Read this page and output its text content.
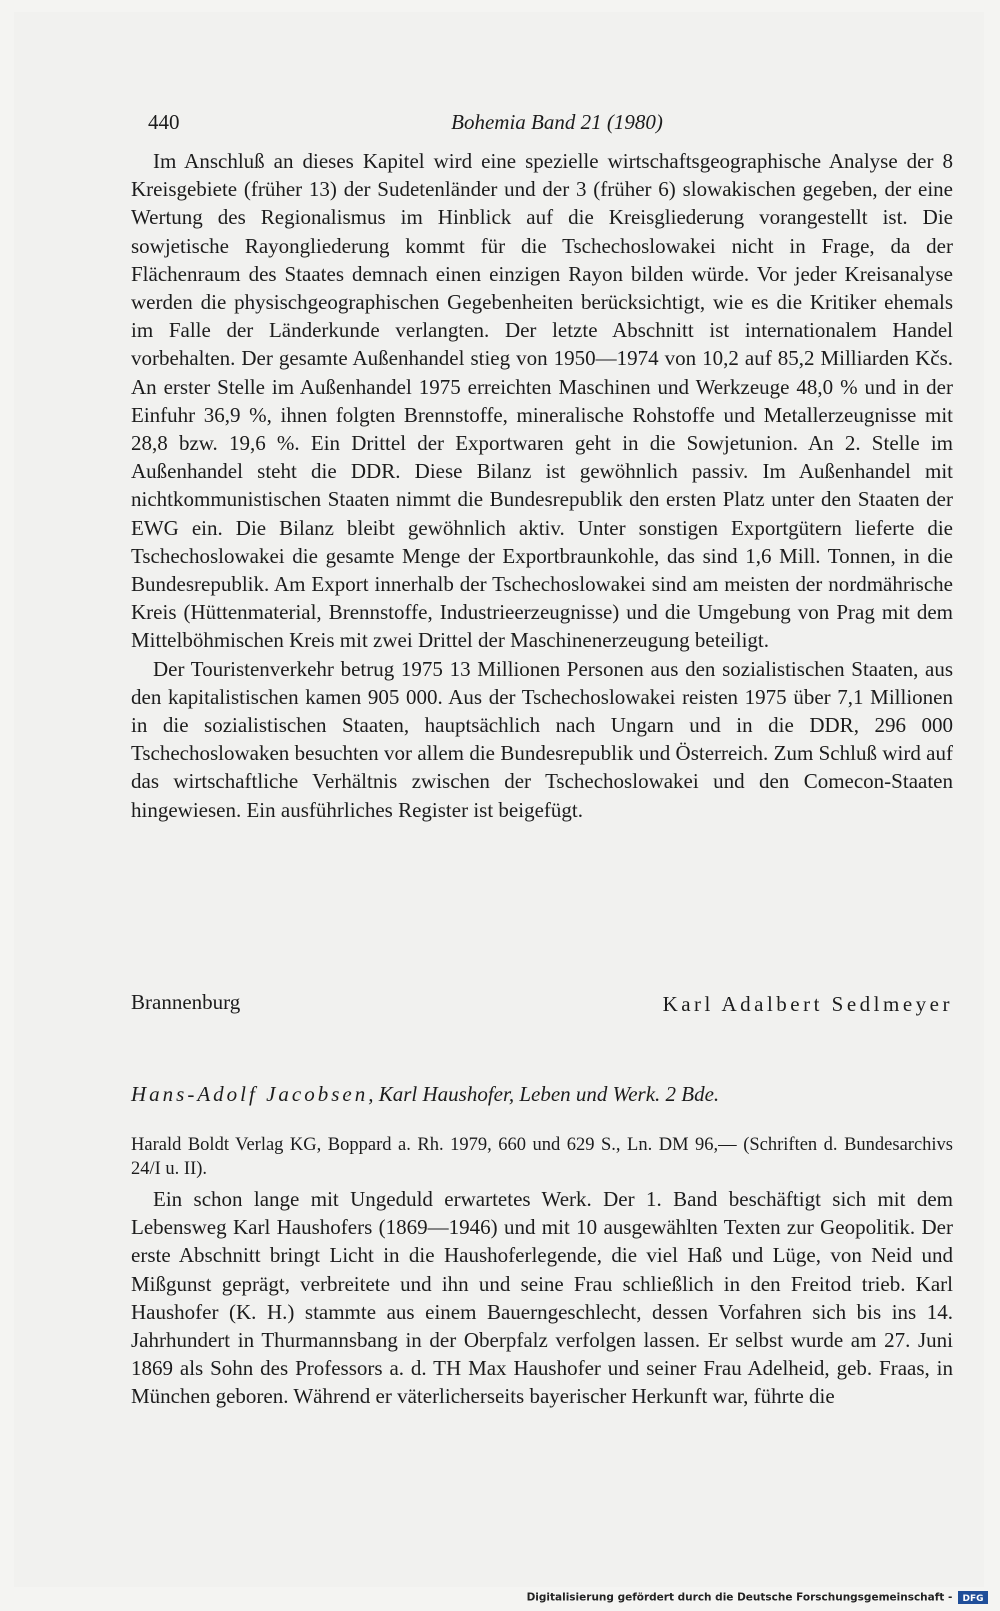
440	Bohemia Band 21 (1980)

Im Anschluß an dieses Kapitel wird eine spezielle wirtschaftsgeographische Analyse der 8 Kreisgebiete (früher 13) der Sudetenländer und der 3 (früher 6) slowakischen gegeben, der eine Wertung des Regionalismus im Hinblick auf die Kreisgliederung vorangestellt ist. Die sowjetische Rayongliederung kommt für die Tschechoslowakei nicht in Frage, da der Flächenraum des Staates demnach einen einzigen Rayon bilden würde. Vor jeder Kreisanalyse werden die physischgeographischen Gegebenheiten berücksichtigt, wie es die Kritiker ehemals im Falle der Länderkunde verlangten. Der letzte Abschnitt ist internationalem Handel vorbehalten. Der gesamte Außenhandel stieg von 1950—1974 von 10,2 auf 85,2 Milliarden Kčs. An erster Stelle im Außenhandel 1975 erreichten Maschinen und Werkzeuge 48,0 % und in der Einfuhr 36,9 %, ihnen folgten Brennstoffe, mineralische Rohstoffe und Metallerzeugnisse mit 28,8 bzw. 19,6 %. Ein Drittel der Exportwaren geht in die Sowjetunion. An 2. Stelle im Außenhandel steht die DDR. Diese Bilanz ist gewöhnlich passiv. Im Außenhandel mit nichtkommunistischen Staaten nimmt die Bundesrepublik den ersten Platz unter den Staaten der EWG ein. Die Bilanz bleibt gewöhnlich aktiv. Unter sonstigen Exportgütern lieferte die Tschechoslowakei die gesamte Menge der Exportbraunkohle, das sind 1,6 Mill. Tonnen, in die Bundesrepublik. Am Export innerhalb der Tschechoslowakei sind am meisten der nordmährische Kreis (Hüttenmaterial, Brennstoffe, Industrieerzeugnisse) und die Umgebung von Prag mit dem Mittelböhmischen Kreis mit zwei Drittel der Maschinenerzeugung beteiligt.

Der Touristenverkehr betrug 1975 13 Millionen Personen aus den sozialistischen Staaten, aus den kapitalistischen kamen 905 000. Aus der Tschechoslowakei reisten 1975 über 7,1 Millionen in die sozialistischen Staaten, hauptsächlich nach Ungarn und in die DDR, 296 000 Tschechoslowaken besuchten vor allem die Bundesrepublik und Österreich. Zum Schluß wird auf das wirtschaftliche Verhältnis zwischen der Tschechoslowakei und den Comecon-Staaten hingewiesen. Ein ausführliches Register ist beigefügt.

Brannenburg	Karl Adalbert Sedlmeyer
Hans-Adolf Jacobsen, Karl Haushofer, Leben und Werk. 2 Bde.
Harald Boldt Verlag KG, Boppard a. Rh. 1979, 660 und 629 S., Ln. DM 96,— (Schriften d. Bundesarchivs 24/I u. II).

Ein schon lange mit Ungeduld erwartetes Werk. Der 1. Band beschäftigt sich mit dem Lebensweg Karl Haushofers (1869—1946) und mit 10 ausgewählten Texten zur Geopolitik. Der erste Abschnitt bringt Licht in die Haushoferlegende, die viel Haß und Lüge, von Neid und Mißgunst geprägt, verbreitete und ihn und seine Frau schließlich in den Freitod trieb. Karl Haushofer (K. H.) stammte aus einem Bauerngeschlecht, dessen Vorfahren sich bis ins 14. Jahrhundert in Thurmannsbang in der Oberpfalz verfolgen lassen. Er selbst wurde am 27. Juni 1869 als Sohn des Professors a. d. TH Max Haushofer und seiner Frau Adelheid, geb. Fraas, in München geboren. Während er väterlicherseits bayerischer Herkunft war, führte die

Digitalisierung gefördert durch die Deutsche Forschungsgemeinschaft - DFG
